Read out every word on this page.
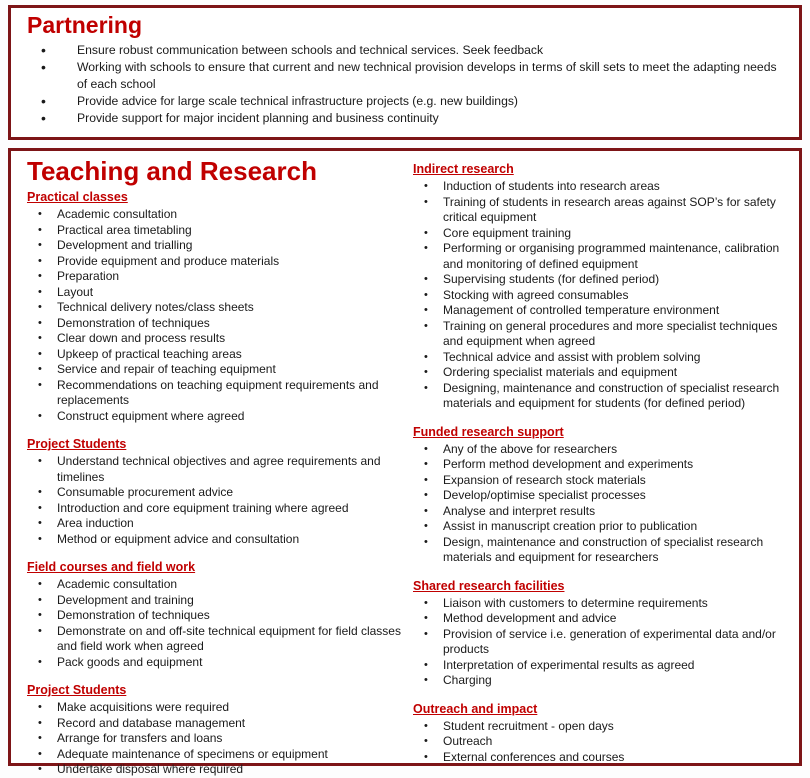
Partnering
• Ensure robust communication between schools and technical services. Seek feedback
• Working with schools to ensure that current and new technical provision develops in terms of skill sets to meet the adapting needs of each school
• Provide advice for large scale technical infrastructure projects (e.g. new buildings)
• Provide support for major incident planning and business continuity
Teaching and Research
Practical classes
• Academic consultation
• Practical area timetabling
• Development and trialling
• Provide equipment and produce materials
• Preparation
• Layout
• Technical delivery notes/class sheets
• Demonstration of techniques
• Clear down and process results
• Upkeep of practical teaching areas
• Service and repair of teaching equipment
• Recommendations on teaching equipment requirements and replacements
• Construct equipment where agreed
Project Students
• Understand technical objectives and agree requirements and timelines
• Consumable procurement advice
• Introduction and core equipment training where agreed
• Area induction
• Method or equipment advice and consultation
Field courses and field work
• Academic consultation
• Development and training
• Demonstration of techniques
• Demonstrate on and off-site technical equipment for field classes and field work when agreed
• Pack goods and equipment
Project Students
• Make acquisitions were required
• Record and database management
• Arrange for transfers and loans
• Adequate maintenance of specimens or equipment
• Undertake disposal where required
Indirect research
• Induction of students into research areas
• Training of students in research areas against SOP’s for safety critical equipment
• Core equipment training
• Performing or organising programmed maintenance, calibration and monitoring of defined equipment
• Supervising students (for defined period)
• Stocking with agreed consumables
• Management of controlled temperature environment
• Training on general procedures and more specialist techniques and equipment when agreed
• Technical advice and assist with problem solving
• Ordering specialist materials and equipment
• Designing, maintenance and construction of specialist research materials and equipment for students (for defined period)
Funded research support
• Any of the above for researchers
• Perform method development and experiments
• Expansion of research stock materials
• Develop/optimise specialist processes
• Analyse and interpret results
• Assist in manuscript creation prior to publication
• Design, maintenance and construction of specialist research materials and equipment for researchers
Shared research facilities
• Liaison with customers to determine requirements
• Method development and advice
• Provision of service i.e. generation of experimental data and/or products
• Interpretation of experimental results as agreed
• Charging
Outreach and impact
• Student recruitment - open days
• Outreach
• External conferences and courses
